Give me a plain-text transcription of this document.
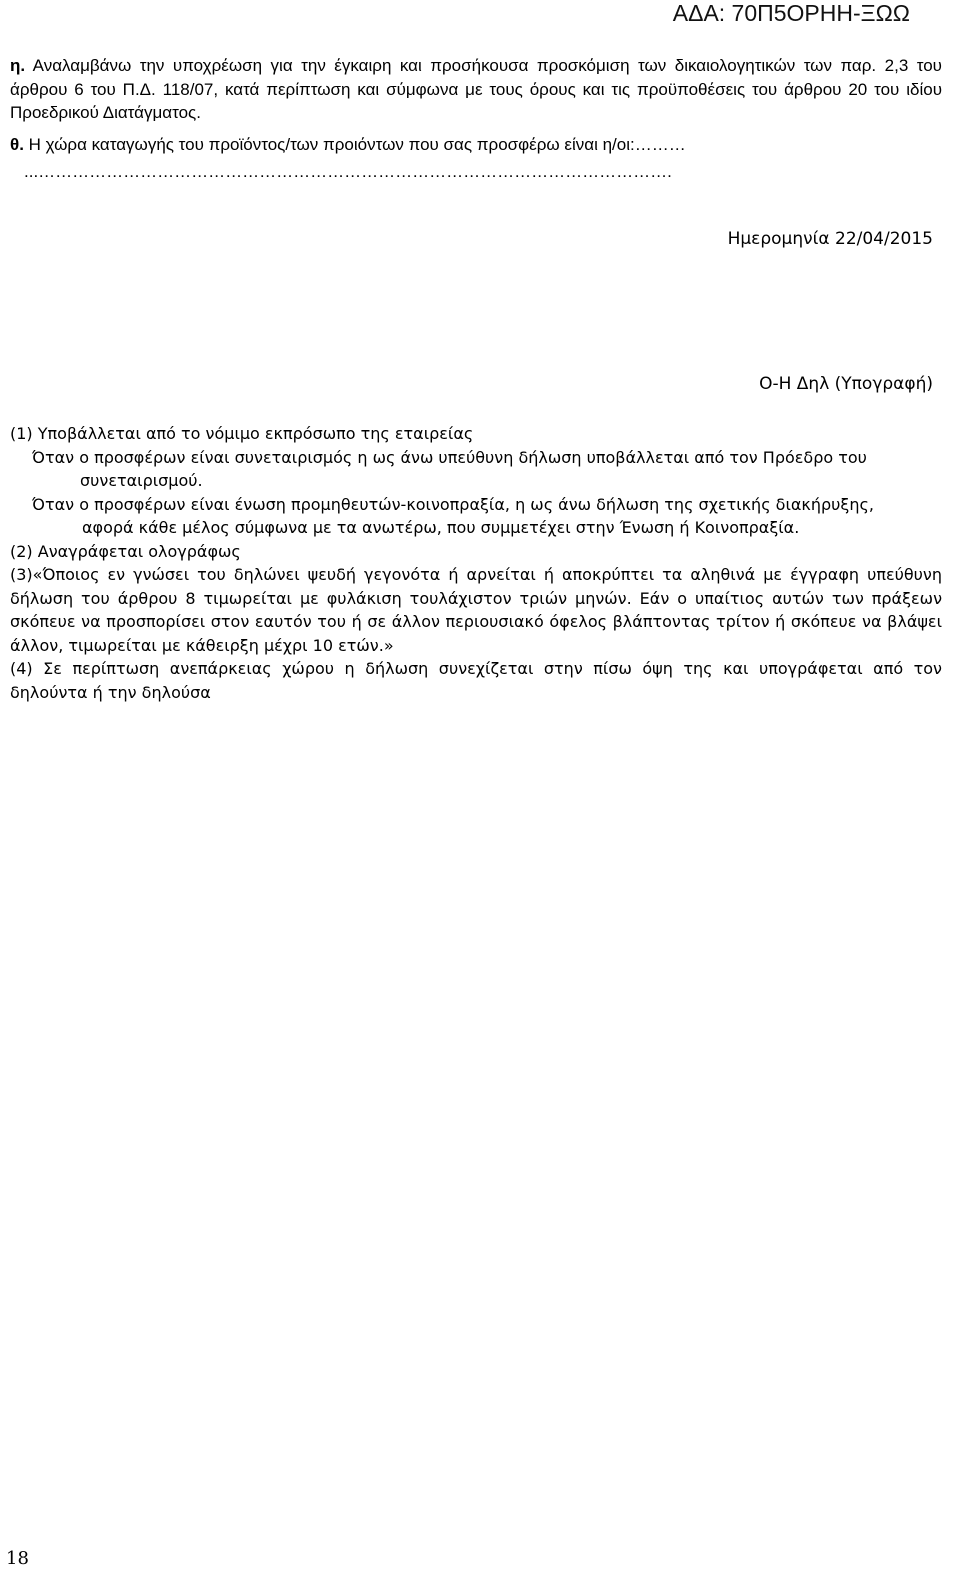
ΑΔΑ: 70Π5ΟΡΗΗ-ΞΩΩ

η. Αναλαμβάνω την υποχρέωση για την έγκαιρη και προσήκουσα προσκόμιση των δικαιολογητικών των παρ. 2,3 του άρθρου 6 του Π.Δ. 118/07, κατά περίπτωση και σύμφωνα με τους όρους και τις προϋποθέσεις του άρθρου 20 του ιδίου Προεδρικού Διατάγματος.

θ. Η χώρα καταγωγής του προϊόντος/των προιόντων που σας προσφέρω είναι η/οι:………

...………………………………………………………………………………………………….
Ημερομηνία 22/04/2015
Ο-Η Δηλ (Υπογραφή)

(1) Υποβάλλεται από το νόμιμο εκπρόσωπο της εταιρείας

Όταν ο προσφέρων είναι συνεταιρισμός η ως άνω υπεύθυνη δήλωση υποβάλλεται από τον Πρόεδρο του

συνεταιρισμού.

Όταν ο προσφέρων είναι ένωση προμηθευτών-κοινοπραξία, η ως άνω δήλωση της σχετικής διακήρυξης,

αφορά κάθε μέλος σύμφωνα με τα ανωτέρω, που συμμετέχει στην Ένωση ή Κοινοπραξία.

(2) Αναγράφεται ολογράφως

(3)«Όποιος εν γνώσει του δηλώνει ψευδή γεγονότα ή αρνείται ή αποκρύπτει τα αληθινά με έγγραφη υπεύθυνη δήλωση του άρθρου 8 τιμωρείται με φυλάκιση τουλάχιστον τριών μηνών. Εάν ο υπαίτιος αυτών των πράξεων σκόπευε να προσπορίσει στον εαυτόν του ή σε άλλον περιουσιακό όφελος βλάπτοντας τρίτον ή σκόπευε να βλάψει άλλον, τιμωρείται με κάθειρξη μέχρι 10 ετών.»

(4) Σε περίπτωση ανεπάρκειας χώρου η δήλωση συνεχίζεται στην πίσω όψη της και υπογράφεται από τον δηλούντα ή την δηλούσα

18
